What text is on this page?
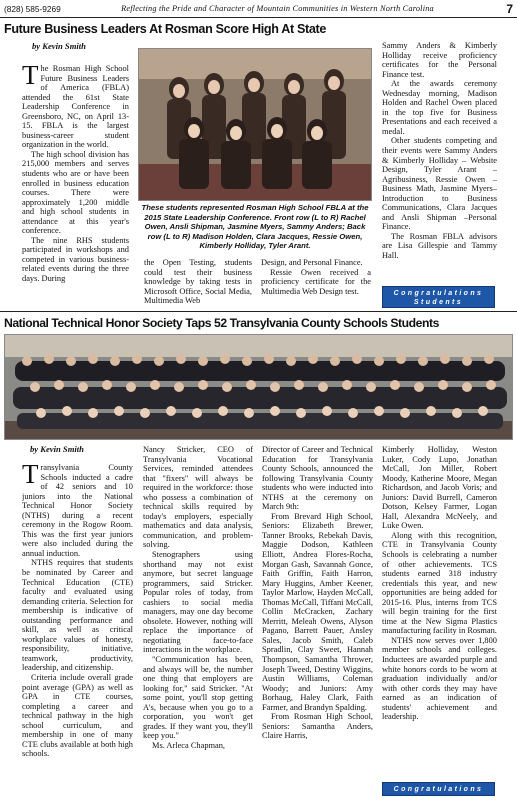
(828) 585-9269	Reflecting the Pride and Character of Mountain Communities in Western North Carolina	7
Future Business Leaders At Rosman Score High At State
by Kevin Smith
T he Rosman High School Future Business Leaders of America (FBLA) attended the 61st State Leadership Conference in Greensboro, NC, on April 13-15. FBLA is the largest business-career student organization in the world.

The high school division has 215,000 members and serves students who are or have been enrolled in business education courses. There were approximately 1,200 middle and high school students in attendance at this year's conference.

The nine RHS students participated in workshops and competed in various business-related events during the three days. During

These students represented Rosman High School FBLA at the 2015 State Leadership Conference. Front row (L to R) Rachel Owen, Ansli Shipman, Jasmine Myers, Sammy Anders; Back row (L to R) Madison Holden, Clara Jacques, Ressie Owen, Kimberly Holliday, Tyler Arant.

the Open Testing, students could test their business knowledge by taking tests in Microsoft Office, Social Media, Multimedia Web

Design, and Personal Finance.

Ressie Owen received a proficiency certificate for the Multimedia Web Design test.

Sammy Anders & Kimberly Holliday receive proficiency certificates for the Personal Finance test.

At the awards ceremony Wednesday morning, Madison Holden and Rachel Owen placed in the top five for Business Presentations and each received a medal.

Other students competing and their events were Sammy Anders & Kimberly Holliday – Website Design, Tyler Arant – Agribusiness, Ressie Owen – Business Math, Jasmine Myers– Introduction to Business Communications, Clara Jacques and Ansli Shipman –Personal Finance.

The Rosman FBLA advisors are Lisa Gillespie and Tammy Hall.

Congratulations
Students
National Technical Honor Society Taps 52 Transylvania County Schools Students
by Kevin Smith
T ransylvania County Schools inducted a cadre of 42 seniors and 10 juniors into the National Technical Honor Society (NTHS) during a recent ceremony in the Rogow Room. This was the first year juniors were also included during the annual induction.

NTHS requires that students be nominated by Career and Technical Education (CTE) faculty and evaluated using demanding criteria. Selection for membership is indicative of outstanding performance and skill, as well as critical workplace values of honesty, responsibility, initiative, teamwork, productivity, leadership, and citizenship.

Criteria include overall grade point average (GPA) as well as GPA in CTE courses, completing a career and technical pathway in the high school curriculum, and membership in one of many CTE clubs available at both high schools.

Nancy Stricker, CEO of Transylvania Vocational Services, reminded attendees that "fixers" will always be required in the workforce: those who possess a combination of technical skills required by today's employers, especially mathematics and data analysis, communication, and problem-solving.

Stenographers using shorthand may not exist anymore, but secret language programmers, said Stricker. Popular roles of today, from cashiers to social media managers, may one day become obsolete. However, nothing will replace the importance of negotiating face-to-face interactions in the workplace.

"Communication has been, and always will be, the number one thing that employers are looking for," said Stricker. "At some point, you'll stop getting A's, because when you go to a corporation, you won't get grades. If they want you, they'll keep you."

Ms. Arleca Chapman,

Director of Career and Technical Education for Transylvania County Schools, announced the following Transylvania County students who were inducted into NTHS at the ceremony on March 9th:

From Brevard High School, Seniors: Elizabeth Brewer, Tanner Brooks, Rebekah Davis, Maggie Dodson, Kathleen Elliott, Andrea Flores-Rocha, Morgan Gash, Savannah Gonce, Faith Griffin, Faith Harron, Mary Huggins, Amber Keener, Taylor Marlow, Hayden McCall, Thomas McCall, Tiffani McCall, Collin McCracken, Zachary Merritt, Meleah Owens, Alyson Pagano, Barrett Pauer, Ansley Sales, Jacob Smith, Caleb Spradlin, Clay Sweet, Hannah Thompson, Samantha Thrower, Joseph Tweed, Destiny Wiggins, Austin Williams, Coleman Woody; and Juniors: Amy Borhaug, Haley Clark, Faith Farmer, and Brandyn Spalding.

From Rosman High School, Seniors: Samantha Anders, Claire Harris,

Kimberly Holliday, Weston Luker, Cody Lupo, Jonathan McCall, Jon Miller, Robert Moody, Katherine Moore, Megan Richardson, and Jacob Voris; and Juniors: David Burrell, Cameron Dotson, Kelsey Farmer, Logan Hall, Alexandra McNeely, and Luke Owen.

Along with this recognition, CTE in Transylvania County Schools is celebrating a number of other achievements. TCS students earned 318 industry credentials this year, and new opportunities are being added for 2015-16. Plus, interns from TCS will begin training for the first time at the New Sigma Plastics manufacturing facility in Rosman.

NTHS now serves over 1,800 member schools and colleges. Inductees are awarded purple and white honors cords to be worn at graduation individually and/or with other cords they may have earned as an indication of students' achievement and leadership.

Congratulations
